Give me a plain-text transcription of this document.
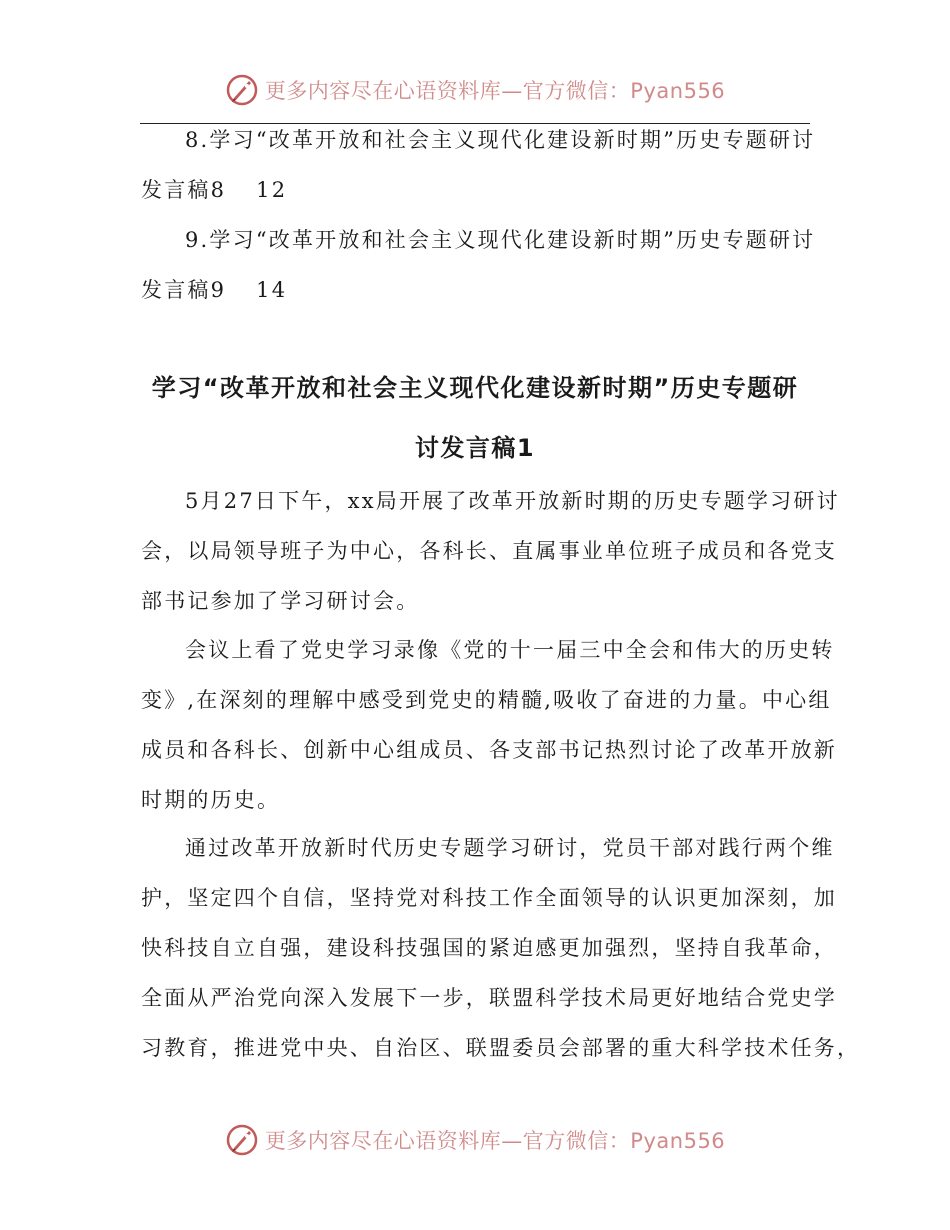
更多内容尽在心语资料库—官方微信：Pyan556
8.学习“改革开放和社会主义现代化建设新时期”历史专题研讨
发言稿8 12
9.学习“改革开放和社会主义现代化建设新时期”历史专题研讨
发言稿9 14
学习“改革开放和社会主义现代化建设新时期”历史专题研
讨发言稿1
5月27日下午，xx局开展了改革开放新时期的历史专题学习研讨
会，以局领导班子为中心，各科长、直属事业单位班子成员和各党支
部书记参加了学习研讨会。
会议上看了党史学习录像《党的十一届三中全会和伟大的历史转
变》,在深刻的理解中感受到党史的精髓,吸收了奋进的力量。中心组
成员和各科长、创新中心组成员、各支部书记热烈讨论了改革开放新
时期的历史。
通过改革开放新时代历史专题学习研讨，党员干部对践行两个维
护，坚定四个自信，坚持党对科技工作全面领导的认识更加深刻，加
快科技自立自强，建设科技强国的紧迫感更加强烈，坚持自我革命，
全面从严治党向深入发展下一步，联盟科学技术局更好地结合党史学
习教育，推进党中央、自治区、联盟委员会部署的重大科学技术任务，
更多内容尽在心语资料库—官方微信：Pyan556
